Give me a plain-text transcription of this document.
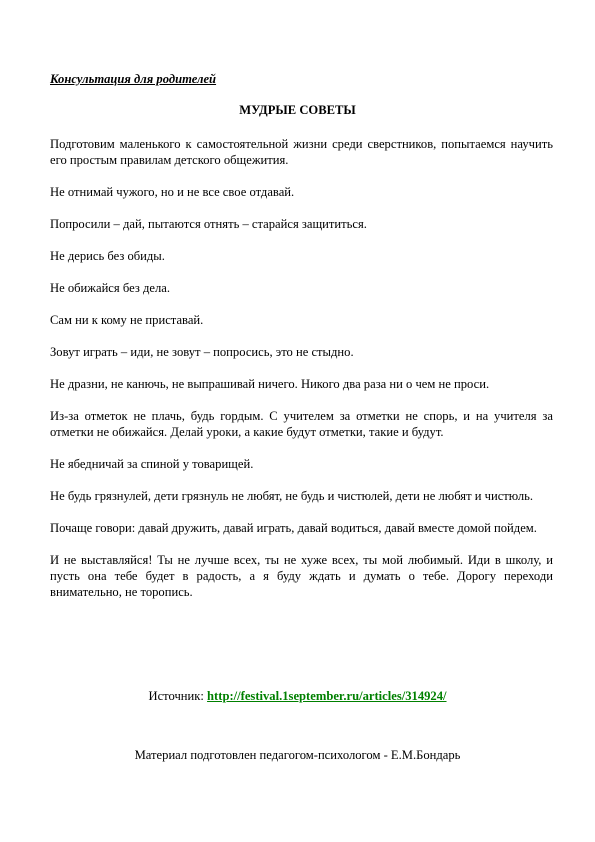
Консультация для родителей

МУДРЫЕ СОВЕТЫ

Подготовим маленького к самостоятельной жизни среди сверстников, попытаемся научить его простым правилам детского общежития.

Не отнимай чужого, но и не все свое отдавай.

Попросили – дай, пытаются отнять – старайся защититься.

Не дерись без обиды.

Не обижайся без дела.

Сам ни к кому не приставай.

Зовут играть – иди, не зовут – попросись, это не стыдно.

Не дразни, не канючь, не выпрашивай ничего. Никого два раза ни о чем не проси.

Из-за отметок не плачь, будь гордым. С учителем за отметки не спорь, и на учителя за отметки не обижайся. Делай уроки, а какие будут отметки, такие и будут.

Не ябедничай за спиной у товарищей.

Не будь грязнулей, дети грязнуль не любят, не будь и чистюлей, дети не любят и чистюль.

Почаще говори: давай дружить, давай играть, давай водиться, давай вместе домой пойдем.

И не выставляйся! Ты не лучше всех, ты не хуже всех, ты мой любимый. Иди в школу, и пусть она тебе будет в радость, а я буду ждать и думать о тебе. Дорогу переходи внимательно, не торопись.

Источник: http://festival.1september.ru/articles/314924/

Материал подготовлен педагогом-психологом - Е.М.Бондарь
